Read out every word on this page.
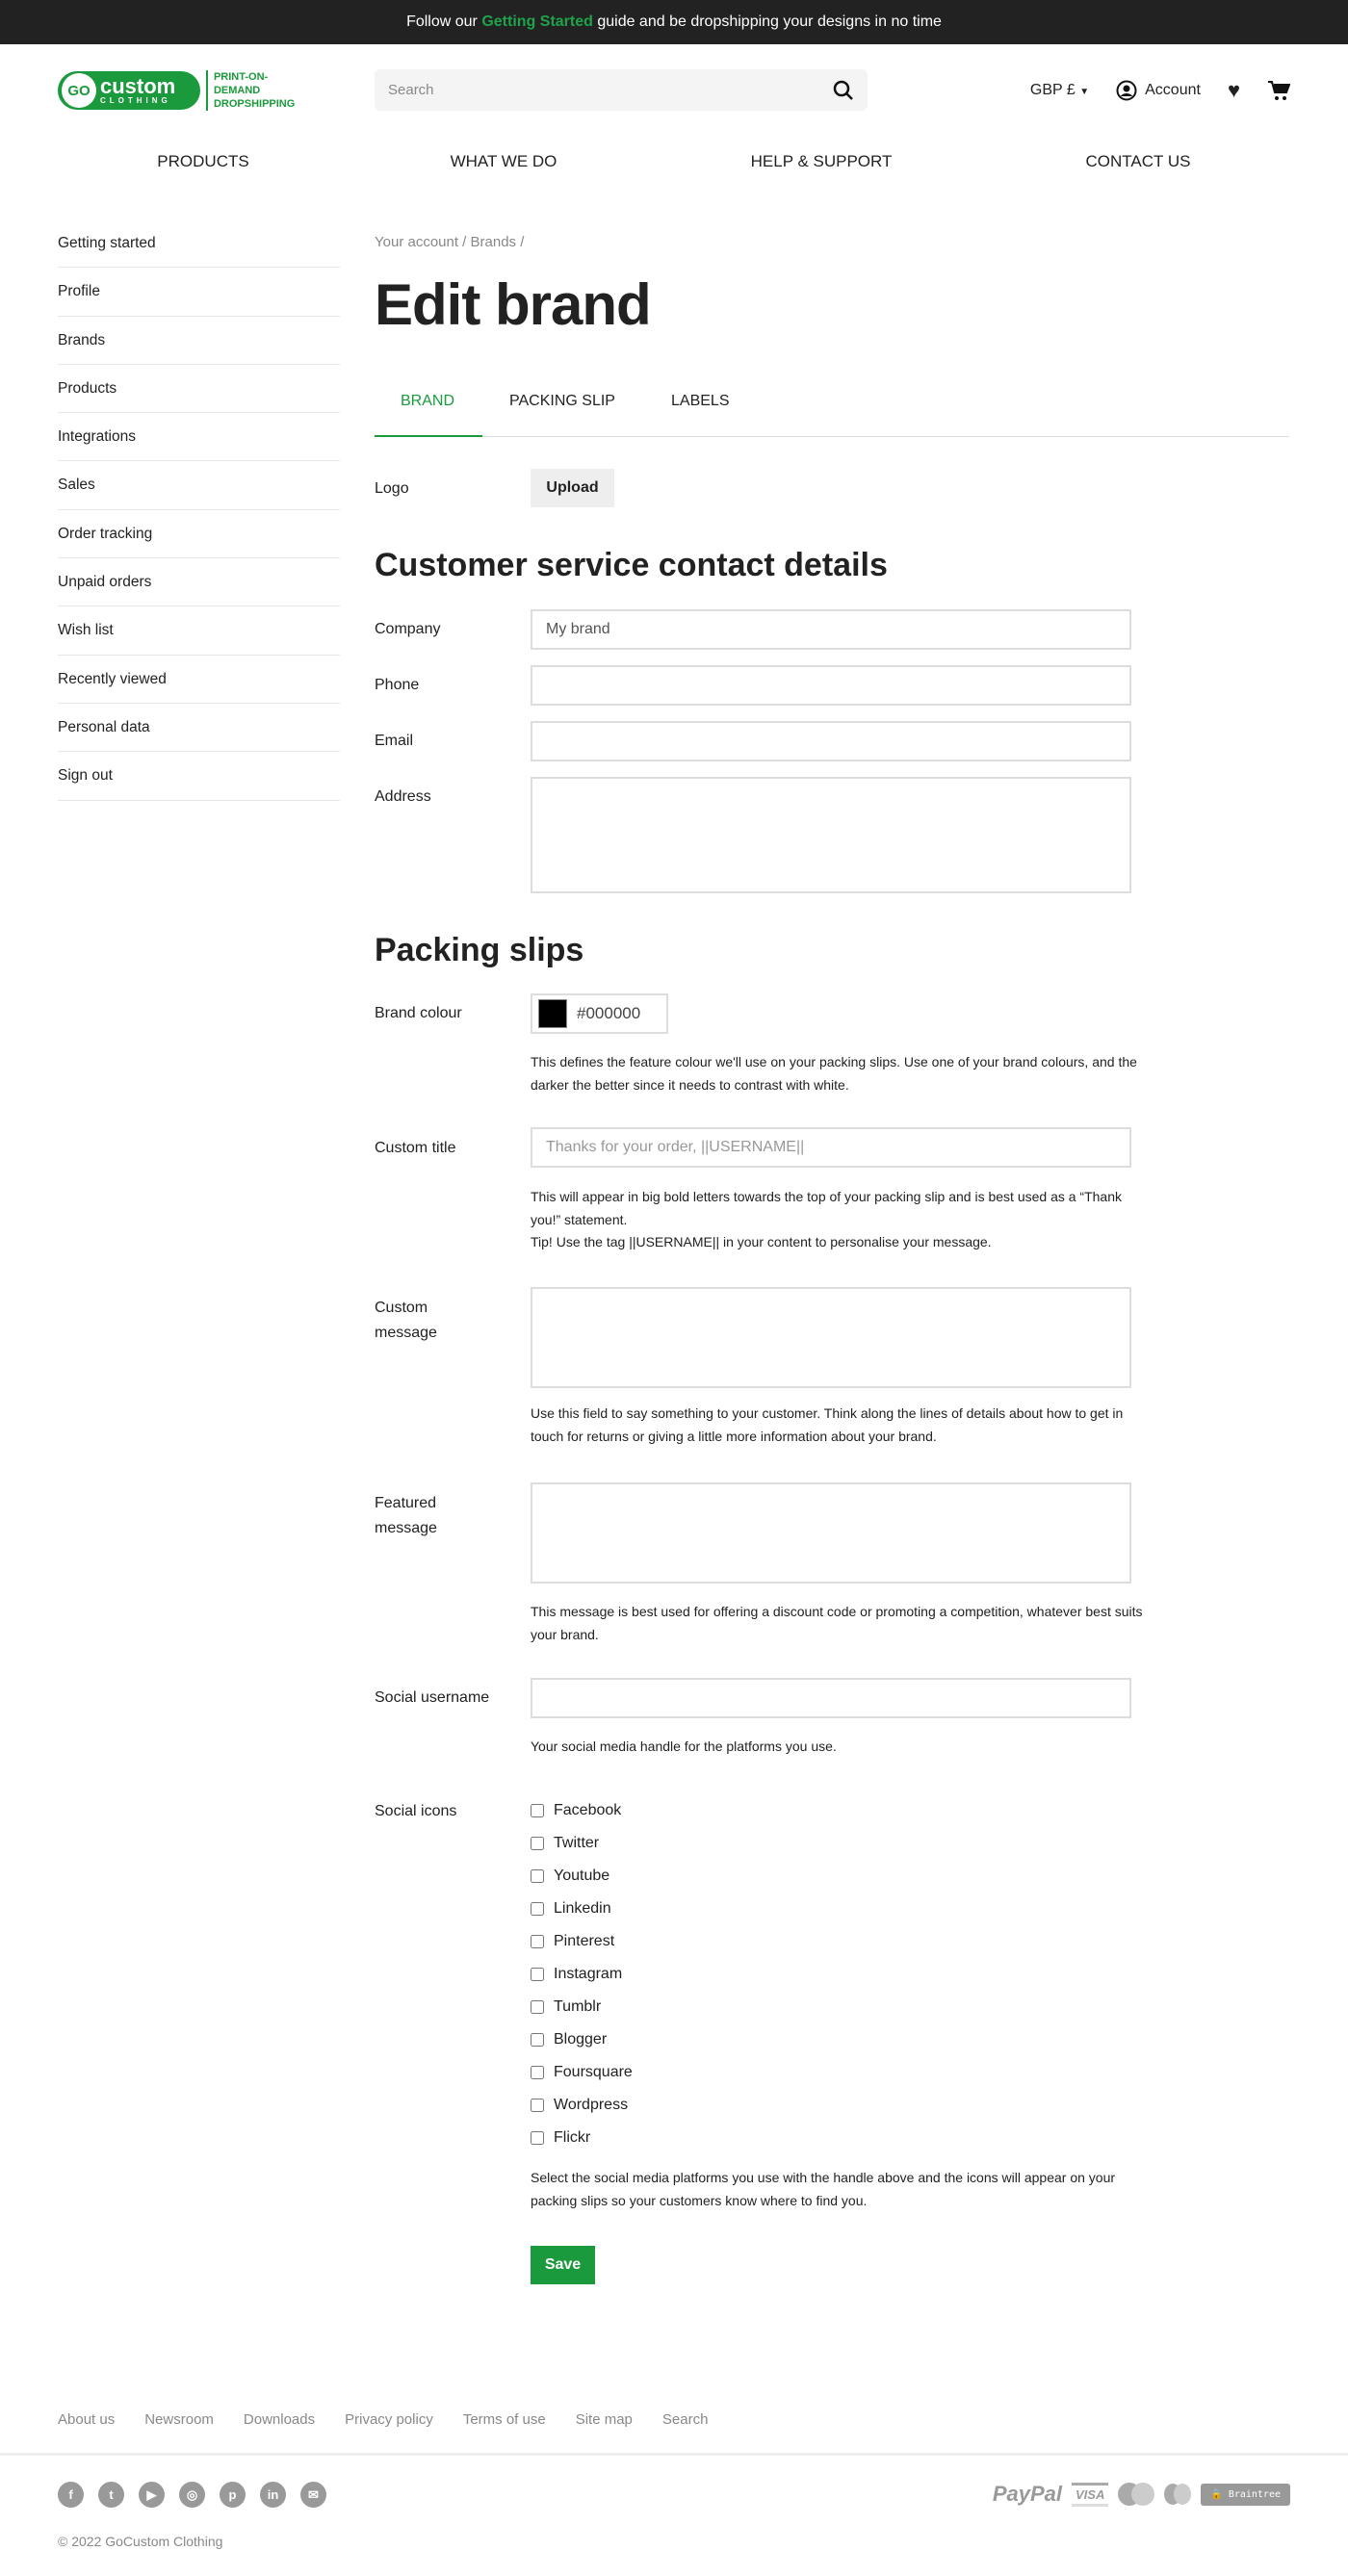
Follow our Getting Started guide and be dropshipping your designs in no time
GO custom
CLOTHING
PRINT-ON-DEMAND
DROPSHIPPING
Search	GBP £ ▼	Account ♥
PRODUCTS	WHAT WE DO	HELP & SUPPORT	CONTACT US
Getting started
Profile
Brands
Products
Integrations
Sales
Order tracking
Unpaid orders
Wish list
Recently viewed
Personal data
Sign out
Your account / Brands /
Edit brand
BRAND	PACKING SLIP	LABELS
Logo	Upload
Customer service contact details
Company	My brand
Phone
Email
Address
Packing slips
Brand colour	#000000
This defines the feature colour we'll use on your packing slips. Use one of your brand colours, and the darker the better since it needs to contrast with white.
Custom title	Thanks for your order, ||USERNAME||
This will appear in big bold letters towards the top of your packing slip and is best used as a “Thank you!” statement.
Tip! Use the tag ||USERNAME|| in your content to personalise your message.
Custom message
Use this field to say something to your customer. Think along the lines of details about how to get in touch for returns or giving a little more information about your brand.
Featured message
This message is best used for offering a discount code or promoting a competition, whatever best suits your brand.
Social username
Your social media handle for the platforms you use.
Social icons	Facebook
Twitter
Youtube
Linkedin
Pinterest
Instagram
Tumblr
Blogger
Foursquare
Wordpress
Flickr
Select the social media platforms you use with the handle above and the icons will appear on your packing slips so your customers know where to find you.
Save
About us Newsroom Downloads Privacy policy Terms of use Site map Search
f	t	▶	◎	p	in	✉	PayPal	VISA	🔒 Braintree
© 2022 GoCustom Clothing
